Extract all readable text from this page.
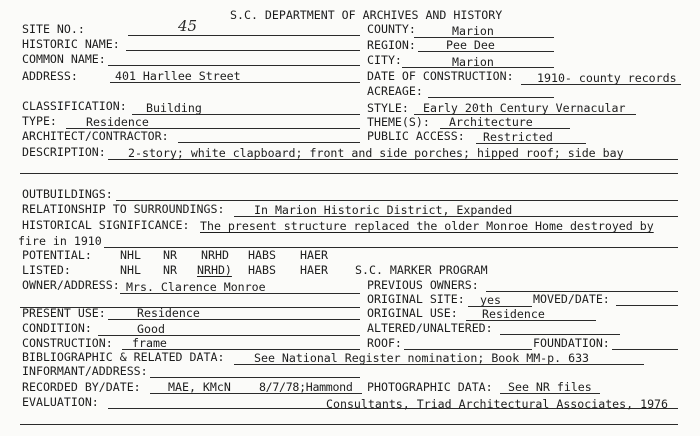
S.C. DEPARTMENT OF ARCHIVES AND HISTORY
SITE NO.:	45	COUNTY:	Marion
HISTORIC NAME:	REGION:	Pee Dee
COMMON NAME:	CITY:	Marion
ADDRESS:	401 Harllee Street	DATE OF CONSTRUCTION: 1910- county records
ACREAGE:
CLASSIFICATION: Building	STYLE: Early 20th Century Vernacular
TYPE:	Residence	THEME(S): Architecture
ARCHITECT/CONTRACTOR:	PUBLIC ACCESS: Restricted
DESCRIPTION: 2-story; white clapboard; front and side porches; hipped roof; side bay
OUTBUILDINGS:
RELATIONSHIP TO SURROUNDINGS:	In Marion Historic District, Expanded
HISTORICAL SIGNIFICANCE: The present structure replaced the older Monroe Home destroyed by
fire in 1910
POTENTIAL: NHL NR NRHD HABS HAER
LISTED:	NHL NR NRHD) HABS HAER S.C. MARKER PROGRAM
OWNER/ADDRESS: Mrs. Clarence Monroe	PREVIOUS OWNERS:
ORIGINAL SITE: yes	MOVED/DATE:
PRESENT USE:	Residence	ORIGINAL USE: Residence
CONDITION:	Good	ALTERED/UNALTERED:
CONSTRUCTION: frame	ROOF:	FOUNDATION:
BIBLIOGRAPHIC & RELATED DATA:	See National Register nomination; Book MM-p. 633
INFORMANT/ADDRESS:
RECORDED BY/DATE: MAE, KMcN 8/7/78;Hammond PHOTOGRAPHIC DATA: See NR files
EVALUATION:	Consultants, Triad Architectural Associates, 1976
